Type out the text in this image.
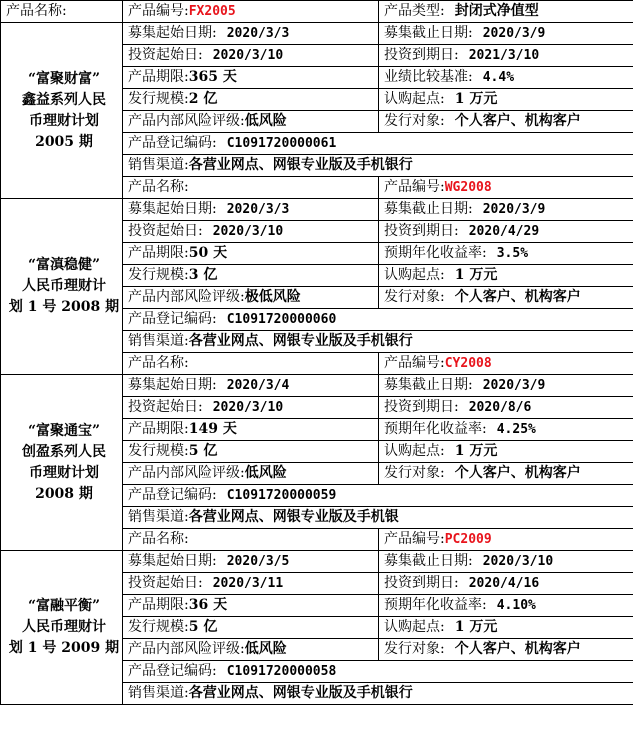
产品名称:	产品编号:FX2005	产品类型: 封闭式净值型	

“富聚财富”
鑫益系列人民
币理财计划
2005 期	募集起始日期: 2020/3/3	募集截止日期: 2020/3/9	
	投资起始日: 2020/3/10	投资到期日: 2021/3/10	
	产品期限:365 天	业绩比较基准: 4.4%	
	发行规模:2 亿	认购起点: 1 万元	
	产品内部风险评级:低风险	发行对象: 个人客户、机构客户	
	产品登记编码: C1091720000061		
	销售渠道:各营业网点、网银专业版及手机银行		
	产品名称:	产品编号:WG2008	

“富滇稳健”
人民币理财计
划 1 号 2008 期	募集起始日期: 2020/3/3	募集截止日期: 2020/3/9	
	投资起始日: 2020/3/10	投资到期日: 2020/4/29	
	产品期限:50 天	预期年化收益率: 3.5%	
	发行规模:3 亿	认购起点: 1 万元	
	产品内部风险评级:极低风险	发行对象: 个人客户、机构客户	
	产品登记编码: C1091720000060		
	销售渠道:各营业网点、网银专业版及手机银行		
	产品名称:	产品编号:CY2008	

“富聚通宝”
创盈系列人民
币理财计划
2008 期	募集起始日期: 2020/3/4	募集截止日期: 2020/3/9	
	投资起始日: 2020/3/10	投资到期日: 2020/8/6	
	产品期限:149 天	预期年化收益率: 4.25%	
	发行规模:5 亿	认购起点: 1 万元	
	产品内部风险评级:低风险	发行对象: 个人客户、机构客户	
	产品登记编码: C1091720000059		
	销售渠道:各营业网点、网银专业版及手机银		
	产品名称:	产品编号:PC2009	

“富融平衡”
人民币理财计
划 1 号 2009 期	募集起始日期: 2020/3/5	募集截止日期: 2020/3/10	
	投资起始日: 2020/3/11	投资到期日: 2020/4/16	
	产品期限:36 天	预期年化收益率: 4.10%	
	发行规模:5 亿	认购起点: 1 万元	
	产品内部风险评级:低风险	发行对象: 个人客户、机构客户	
	产品登记编码: C1091720000058		
	销售渠道:各营业网点、网银专业版及手机银行		
